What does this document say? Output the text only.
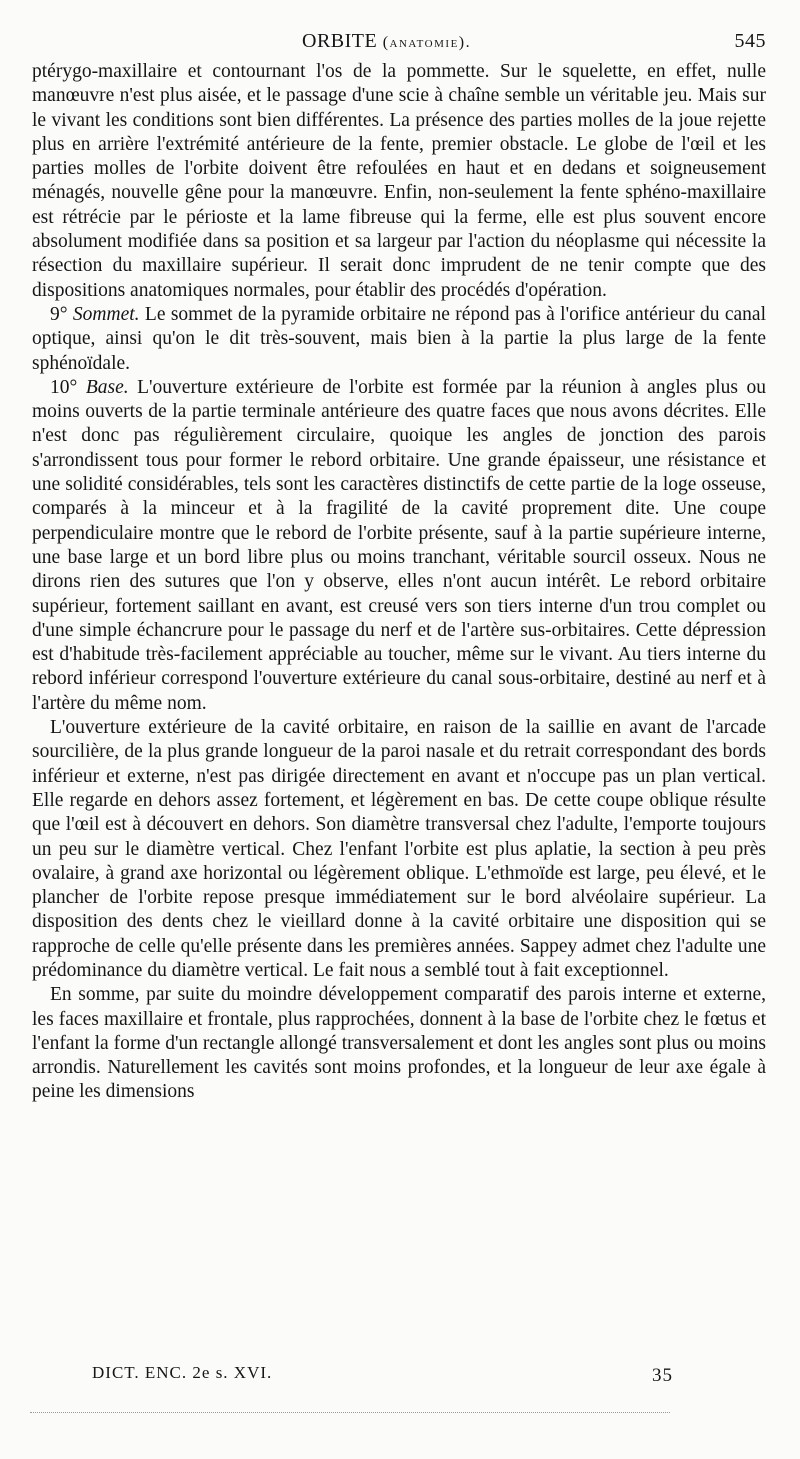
ORBITE (anatomie).	545

ptérygo-maxillaire et contournant l'os de la pommette. Sur le squelette, en effet, nulle manœuvre n'est plus aisée, et le passage d'une scie à chaîne semble un véritable jeu. Mais sur le vivant les conditions sont bien différentes. La présence des parties molles de la joue rejette plus en arrière l'extrémité antérieure de la fente, premier obstacle. Le globe de l'œil et les parties molles de l'orbite doivent être refoulées en haut et en dedans et soigneusement ménagés, nouvelle gêne pour la manœuvre. Enfin, non-seulement la fente sphéno-maxillaire est rétrécie par le périoste et la lame fibreuse qui la ferme, elle est plus souvent encore absolument modifiée dans sa position et sa largeur par l'action du néoplasme qui nécessite la résection du maxillaire supérieur. Il serait donc imprudent de ne tenir compte que des dispositions anatomiques normales, pour établir des procédés d'opération.

9° Sommet. Le sommet de la pyramide orbitaire ne répond pas à l'orifice antérieur du canal optique, ainsi qu'on le dit très-souvent, mais bien à la partie la plus large de la fente sphénoïdale.

10° Base. L'ouverture extérieure de l'orbite est formée par la réunion à angles plus ou moins ouverts de la partie terminale antérieure des quatre faces que nous avons décrites. Elle n'est donc pas régulièrement circulaire, quoique les angles de jonction des parois s'arrondissent tous pour former le rebord orbitaire. Une grande épaisseur, une résistance et une solidité considérables, tels sont les caractères distinctifs de cette partie de la loge osseuse, comparés à la minceur et à la fragilité de la cavité proprement dite. Une coupe perpendiculaire montre que le rebord de l'orbite présente, sauf à la partie supérieure interne, une base large et un bord libre plus ou moins tranchant, véritable sourcil osseux. Nous ne dirons rien des sutures que l'on y observe, elles n'ont aucun intérêt. Le rebord orbitaire supérieur, fortement saillant en avant, est creusé vers son tiers interne d'un trou complet ou d'une simple échancrure pour le passage du nerf et de l'artère sus-orbitaires. Cette dépression est d'habitude très-facilement appréciable au toucher, même sur le vivant. Au tiers interne du rebord inférieur correspond l'ouverture extérieure du canal sous-orbitaire, destiné au nerf et à l'artère du même nom.

L'ouverture extérieure de la cavité orbitaire, en raison de la saillie en avant de l'arcade sourcilière, de la plus grande longueur de la paroi nasale et du retrait correspondant des bords inférieur et externe, n'est pas dirigée directement en avant et n'occupe pas un plan vertical. Elle regarde en dehors assez fortement, et légèrement en bas. De cette coupe oblique résulte que l'œil est à découvert en dehors. Son diamètre transversal chez l'adulte, l'emporte toujours un peu sur le diamètre vertical. Chez l'enfant l'orbite est plus aplatie, la section à peu près ovalaire, à grand axe horizontal ou légèrement oblique. L'ethmoïde est large, peu élevé, et le plancher de l'orbite repose presque immédiatement sur le bord alvéolaire supérieur. La disposition des dents chez le vieillard donne à la cavité orbitaire une disposition qui se rapproche de celle qu'elle présente dans les premières années. Sappey admet chez l'adulte une prédominance du diamètre vertical. Le fait nous a semblé tout à fait exceptionnel.

En somme, par suite du moindre développement comparatif des parois interne et externe, les faces maxillaire et frontale, plus rapprochées, donnent à la base de l'orbite chez le fœtus et l'enfant la forme d'un rectangle allongé transversalement et dont les angles sont plus ou moins arrondis. Naturellement les cavités sont moins profondes, et la longueur de leur axe égale à peine les dimensions

DICT. ENC. 2e s. XVI.	35
